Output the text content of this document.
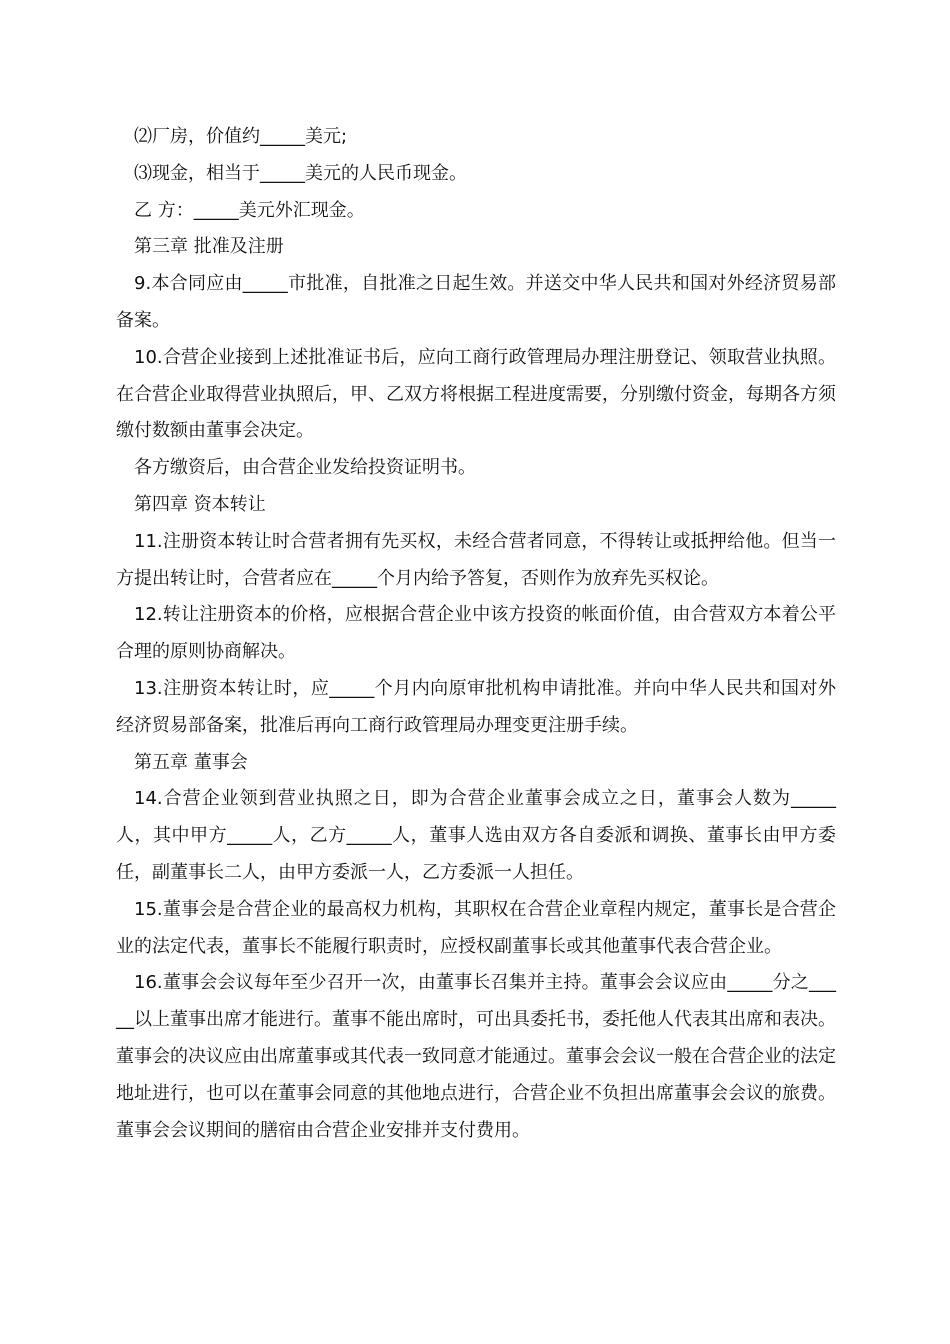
⑵厂房，价值约_____美元;

⑶现金，相当于_____美元的人民币现金。

乙 方：_____美元外汇现金。

第三章 批准及注册

9.本合同应由_____市批准，自批准之日起生效。并送交中华人民共和国对外经济贸易部备案。

10.合营企业接到上述批准证书后，应向工商行政管理局办理注册登记、领取营业执照。在合营企业取得营业执照后，甲、乙双方将根据工程进度需要，分别缴付资金，每期各方须缴付数额由董事会决定。

各方缴资后，由合营企业发给投资证明书。

第四章 资本转让

11.注册资本转让时合营者拥有先买权，未经合营者同意，不得转让或抵押给他。但当一方提出转让时，合营者应在_____个月内给予答复，否则作为放弃先买权论。

12.转让注册资本的价格，应根据合营企业中该方投资的帐面价值，由合营双方本着公平合理的原则协商解决。

13.注册资本转让时，应_____个月内向原审批机构申请批准。并向中华人民共和国对外经济贸易部备案，批准后再向工商行政管理局办理变更注册手续。

第五章 董事会

14.合营企业领到营业执照之日，即为合营企业董事会成立之日，董事会人数为_____人，其中甲方_____人，乙方_____人，董事人选由双方各自委派和调换、董事长由甲方委任，副董事长二人，由甲方委派一人，乙方委派一人担任。

15.董事会是合营企业的最高权力机构，其职权在合营企业章程内规定，董事长是合营企业的法定代表，董事长不能履行职责时，应授权副董事长或其他董事代表合营企业。

16.董事会会议每年至少召开一次，由董事长召集并主持。董事会会议应由_____分之_____以上董事出席才能进行。董事不能出席时，可出具委托书，委托他人代表其出席和表决。董事会的决议应由出席董事或其代表一致同意才能通过。董事会会议一般在合营企业的法定地址进行，也可以在董事会同意的其他地点进行，合营企业不负担出席董事会会议的旅费。董事会会议期间的膳宿由合营企业安排并支付费用。
